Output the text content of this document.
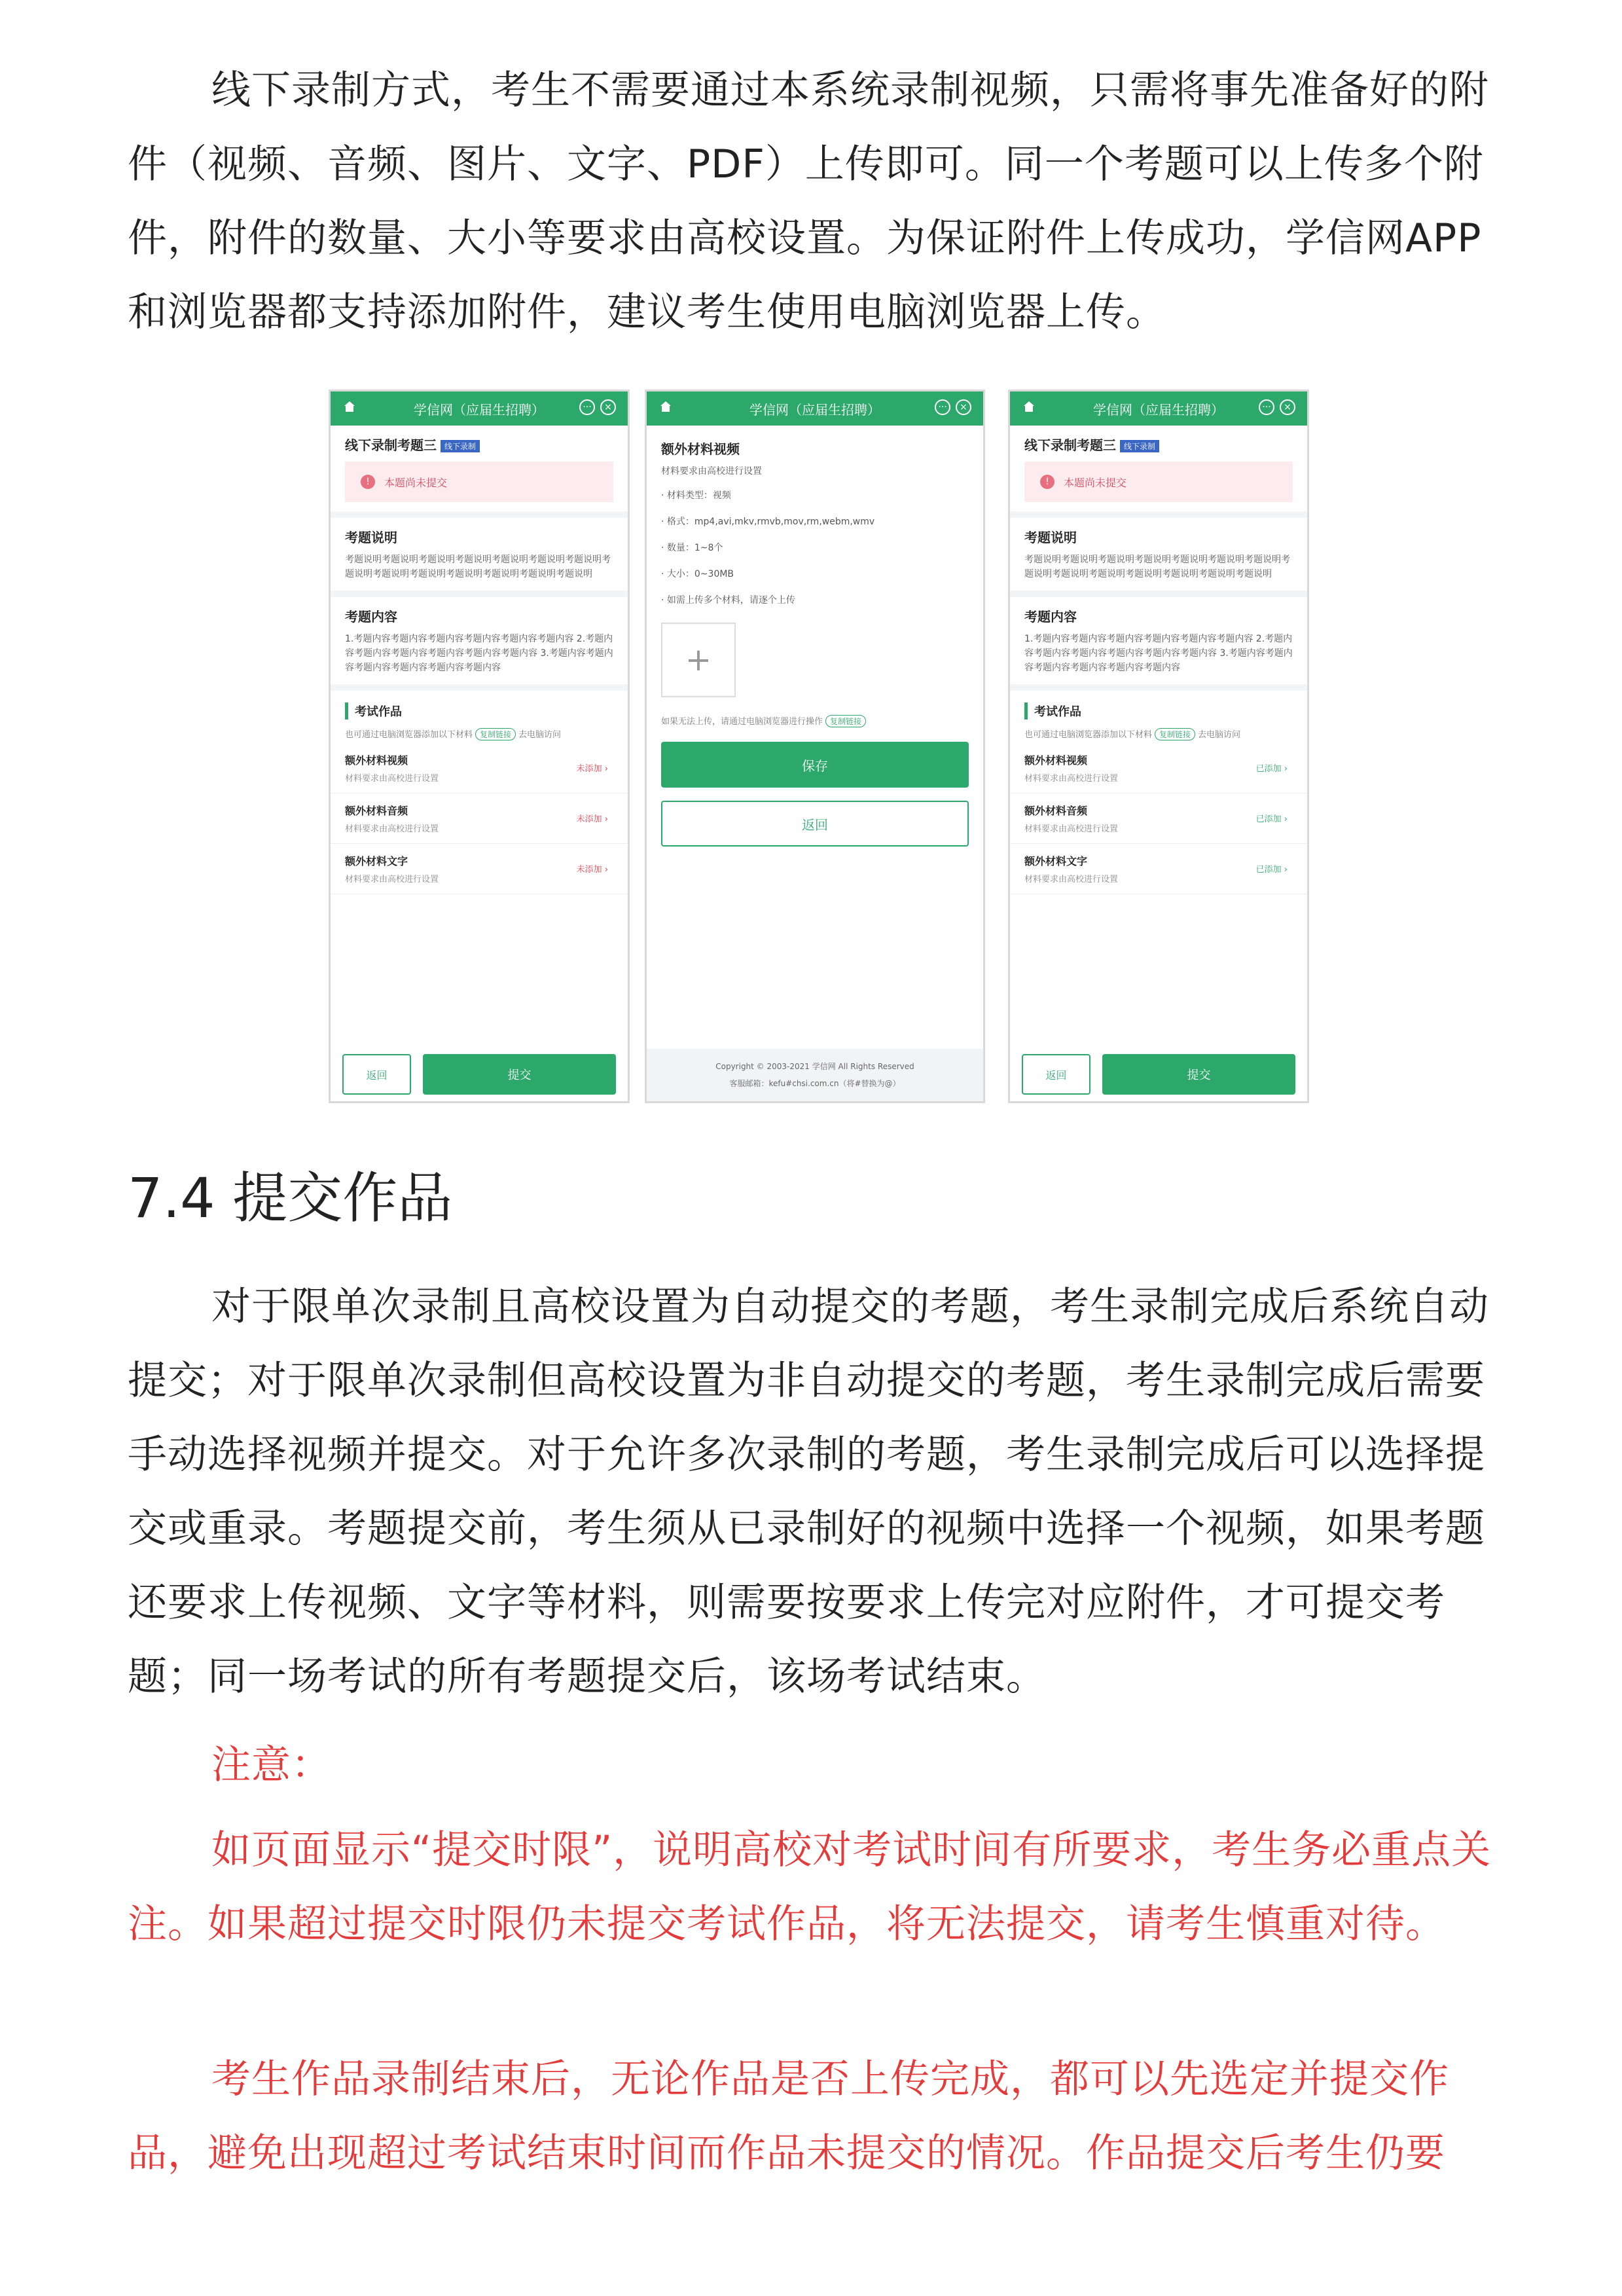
线下录制方式，考生不需要通过本系统录制视频，只需将事先准备好的附件（视频、音频、图片、文字、PDF）上传即可。同一个考题可以上传多个附件，附件的数量、大小等要求由高校设置。为保证附件上传成功，学信网APP和浏览器都支持添加附件，建议考生使用电脑浏览器上传。

学信网（应届生招聘）	···	×
线下录制考题三 线下录制
!	本题尚未提交
考题说明
考题说明考题说明考题说明考题说明考题说明考题说明考题说明考题说明考题说明考题说明考题说明考题说明考题说明考题说明
考题内容
1.考题内容考题内容考题内容考题内容考题内容考题内容 2.考题内容考题内容考题内容考题内容考题内容考题内容 3.考题内容考题内容考题内容考题内容考题内容考题内容
考试作品
也可通过电脑浏览器添加以下材料 复制链接 去电脑访问
额外材料视频
材料要求由高校进行设置
未添加 ›
额外材料音频
材料要求由高校进行设置
未添加 ›
额外材料文字
材料要求由高校进行设置
未添加 ›
返回	提交
学信网（应届生招聘）	···	×
额外材料视频
材料要求由高校进行设置
· 材料类型：视频
· 格式：mp4,avi,mkv,rmvb,mov,rm,webm,wmv
· 数量：1~8个
· 大小：0~30MB
· 如需上传多个材料，请逐个上传
+
如果无法上传，请通过电脑浏览器进行操作 复制链接
保存
返回
Copyright © 2003-2021 学信网 All Rights Reserved
客服邮箱：kefu#chsi.com.cn（将#替换为@）
学信网（应届生招聘）	···	×
线下录制考题三 线下录制
!	本题尚未提交
考题说明
考题说明考题说明考题说明考题说明考题说明考题说明考题说明考题说明考题说明考题说明考题说明考题说明考题说明考题说明
考题内容
1.考题内容考题内容考题内容考题内容考题内容考题内容 2.考题内容考题内容考题内容考题内容考题内容考题内容 3.考题内容考题内容考题内容考题内容考题内容考题内容
考试作品
也可通过电脑浏览器添加以下材料 复制链接 去电脑访问
额外材料视频
材料要求由高校进行设置
已添加 ›
额外材料音频
材料要求由高校进行设置
已添加 ›
额外材料文字
材料要求由高校进行设置
已添加 ›
返回	提交
7.4 提交作品

对于限单次录制且高校设置为自动提交的考题，考生录制完成后系统自动提交；对于限单次录制但高校设置为非自动提交的考题，考生录制完成后需要手动选择视频并提交。对于允许多次录制的考题，考生录制完成后可以选择提交或重录。考题提交前，考生须从已录制好的视频中选择一个视频，如果考题还要求上传视频、文字等材料，则需要按要求上传完对应附件，才可提交考题；同一场考试的所有考题提交后，该场考试结束。

注意：

如页面显示“提交时限”，说明高校对考试时间有所要求，考生务必重点关注。如果超过提交时限仍未提交考试作品，将无法提交，请考生慎重对待。

考生作品录制结束后，无论作品是否上传完成，都可以先选定并提交作品，避免出现超过考试结束时间而作品未提交的情况。作品提交后考生仍要
